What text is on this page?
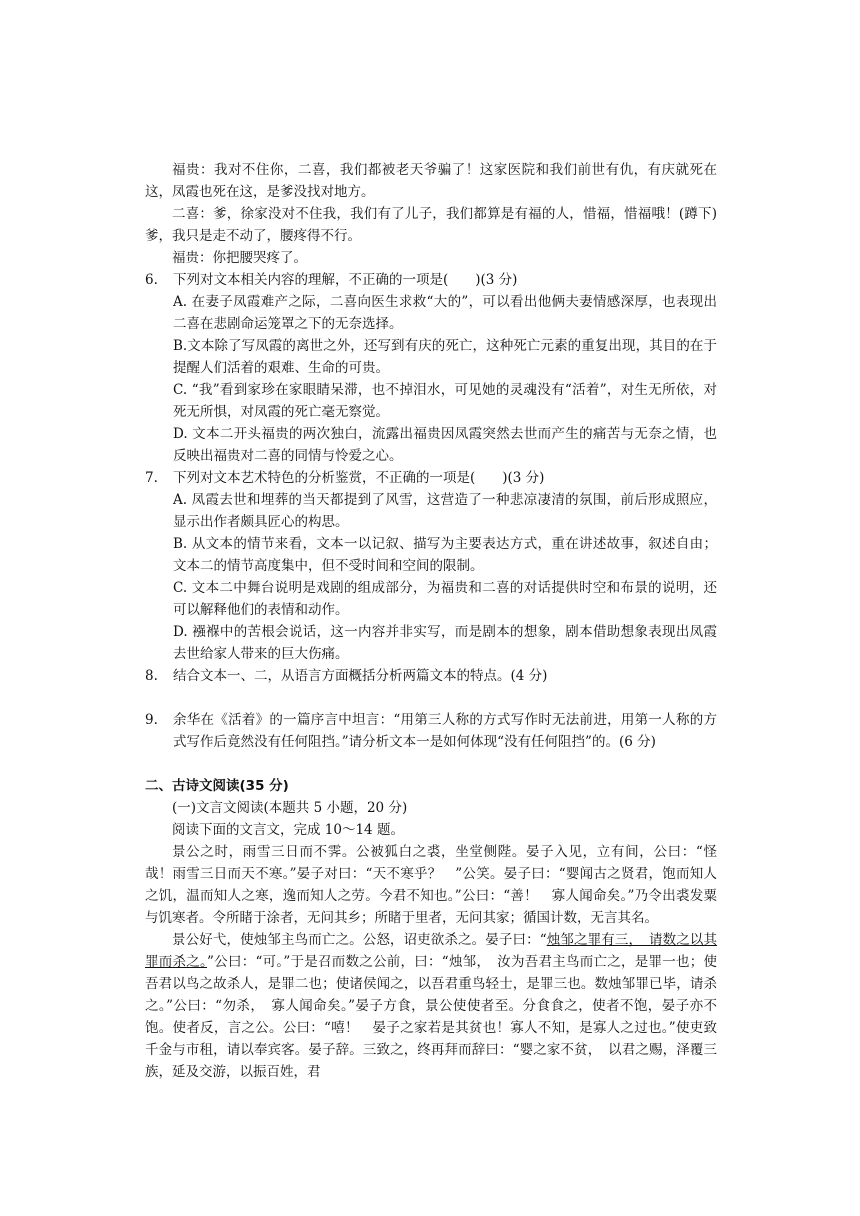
福贵：我对不住你，二喜，我们都被老天爷骗了！这家医院和我们前世有仇，有庆就死在这，凤霞也死在这，是爹没找对地方。

二喜：爹，徐家没对不住我，我们有了儿子，我们都算是有福的人，惜福，惜福哦！(蹲下)爹，我只是走不动了，腰疼得不行。

福贵：你把腰哭疼了。

6. 下列对文本相关内容的理解，不正确的一项是(　　)(3 分)

A. 在妻子凤霞难产之际，二喜向医生求救“大的”，可以看出他俩夫妻情感深厚，也表现出二喜在悲剧命运笼罩之下的无奈选择。

B.文本除了写凤霞的离世之外，还写到有庆的死亡，这种死亡元素的重复出现，其目的在于提醒人们活着的艰难、生命的可贵。

C. “我”看到家珍在家眼睛呆滞，也不掉泪水，可见她的灵魂没有“活着”，对生无所依，对死无所惧，对凤霞的死亡毫无察觉。

D. 文本二开头福贵的两次独白，流露出福贵因凤霞突然去世而产生的痛苦与无奈之情，也反映出福贵对二喜的同情与怜爱之心。

7. 下列对文本艺术特色的分析鉴赏，不正确的一项是(　　)(3 分)

A. 凤霞去世和埋葬的当天都提到了风雪，这营造了一种悲凉凄清的氛围，前后形成照应，显示出作者颇具匠心的构思。

B. 从文本的情节来看，文本一以记叙、描写为主要表达方式，重在讲述故事，叙述自由；文本二的情节高度集中，但不受时间和空间的限制。

C. 文本二中舞台说明是戏剧的组成部分，为福贵和二喜的对话提供时空和布景的说明，还可以解释他们的表情和动作。

D. 襁褓中的苦根会说话，这一内容并非实写，而是剧本的想象，剧本借助想象表现出凤霞去世给家人带来的巨大伤痛。

8. 结合文本一、二，从语言方面概括分析两篇文本的特点。(4 分)

9. 余华在《活着》的一篇序言中坦言：“用第三人称的方式写作时无法前进，用第一人称的方式写作后竟然没有任何阻挡。”请分析文本一是如何体现“没有任何阻挡”的。(6 分)

二、古诗文阅读(35 分)

(一)文言文阅读(本题共 5 小题，20 分)

阅读下面的文言文，完成 10～14 题。

景公之时，雨雪三日而不霁。公被狐白之裘，坐堂侧陛。晏子入见，立有间，公曰：“怪哉！雨雪三日而天不寒。”晏子对曰：“天不寒乎？　”公笑。晏子曰：“婴闻古之贤君，饱而知人之饥，温而知人之寒，逸而知人之劳。今君不知也。”公曰：“善！　寡人闻命矣。”乃令出裘发粟与饥寒者。令所睹于涂者，无问其乡；所睹于里者，无问其家；循国计数，无言其名。

景公好弋，使烛邹主鸟而亡之。公怒，诏吏欲杀之。晏子曰：“烛邹之罪有三，　请数之以其罪而杀之。”公曰：“可。”于是召而数之公前，曰：“烛邹，　汝为吾君主鸟而亡之，是罪一也；使吾君以鸟之故杀人，是罪二也；使诸侯闻之，以吾君重鸟轻士，是罪三也。数烛邹罪已毕，请杀之。”公曰：“勿杀，　寡人闻命矣。”晏子方食，景公使使者至。分食食之，使者不饱，晏子亦不饱。使者反，言之公。公曰：“嘻！　晏子之家若是其贫也！寡人不知，是寡人之过也。”使吏致千金与市租，请以奉宾客。晏子辞。三致之，终再拜而辞曰：“婴之家不贫，　以君之赐，泽覆三族，延及交游，以振百姓，君
